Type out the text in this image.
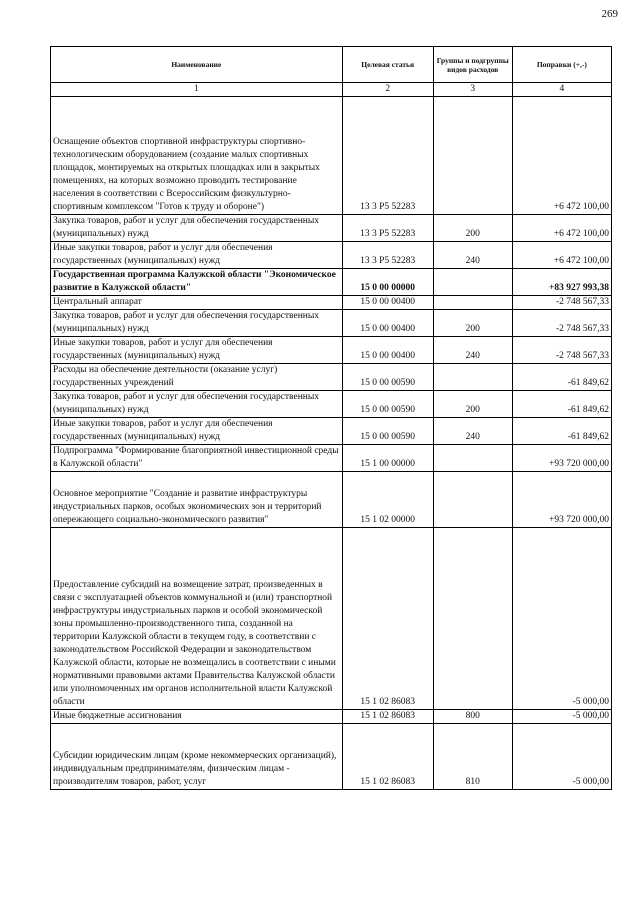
269
Наименование	Целевая статья	Группы и подгруппы видов расходов	Поправки (+,-)
1	2	3	4
Оснащение объектов спортивной инфраструктуры спортивно-технологическим оборудованием (создание малых спортивных площадок, монтируемых на открытых площадках или в закрытых помещениях, на которых возможно проводить тестирование населения в соответствии с Всероссийским физкультурно-спортивным комплексом "Готов к труду и обороне")	13 3 P5 52283		+6 472 100,00
Закупка товаров, работ и услуг для обеспечения государственных (муниципальных) нужд	13 3 P5 52283	200	+6 472 100,00
Иные закупки товаров, работ и услуг для обеспечения государственных (муниципальных) нужд	13 3 P5 52283	240	+6 472 100,00
Государственная программа Калужской области "Экономическое развитие в Калужской области"	15 0 00 00000		+83 927 993,38
Центральный аппарат	15 0 00 00400		-2 748 567,33
Закупка товаров, работ и услуг для обеспечения государственных (муниципальных) нужд	15 0 00 00400	200	-2 748 567,33
Иные закупки товаров, работ и услуг для обеспечения государственных (муниципальных) нужд	15 0 00 00400	240	-2 748 567,33
Расходы на обеспечение деятельности (оказание услуг) государственных учреждений	15 0 00 00590		-61 849,62
Закупка товаров, работ и услуг для обеспечения государственных (муниципальных) нужд	15 0 00 00590	200	-61 849,62
Иные закупки товаров, работ и услуг для обеспечения государственных (муниципальных) нужд	15 0 00 00590	240	-61 849,62
Подпрограмма "Формирование благоприятной инвестиционной среды в Калужской области"	15 1 00 00000		+93 720 000,00
Основное мероприятие "Создание и развитие инфраструктуры индустриальных парков, особых экономических зон и территорий опережающего социально-экономического развития"	15 1 02 00000		+93 720 000,00
Предоставление субсидий на возмещение затрат, произведенных в связи с эксплуатацией объектов коммунальной и (или) транспортной инфраструктуры индустриальных парков и особой экономической зоны промышленно-производственного типа, созданной на территории Калужской области в текущем году, в соответствии с законодательством Российской Федерации и законодательством Калужской области, которые не возмещались в соответствии с иными нормативными правовыми актами Правительства Калужской области или уполномоченных им органов исполнительной власти Калужской области	15 1 02 86083		-5 000,00
Иные бюджетные ассигнования	15 1 02 86083	800	-5 000,00
Субсидии юридическим лицам (кроме некоммерческих организаций), индивидуальным предпринимателям, физическим лицам - производителям товаров, работ, услуг	15 1 02 86083	810	-5 000,00
